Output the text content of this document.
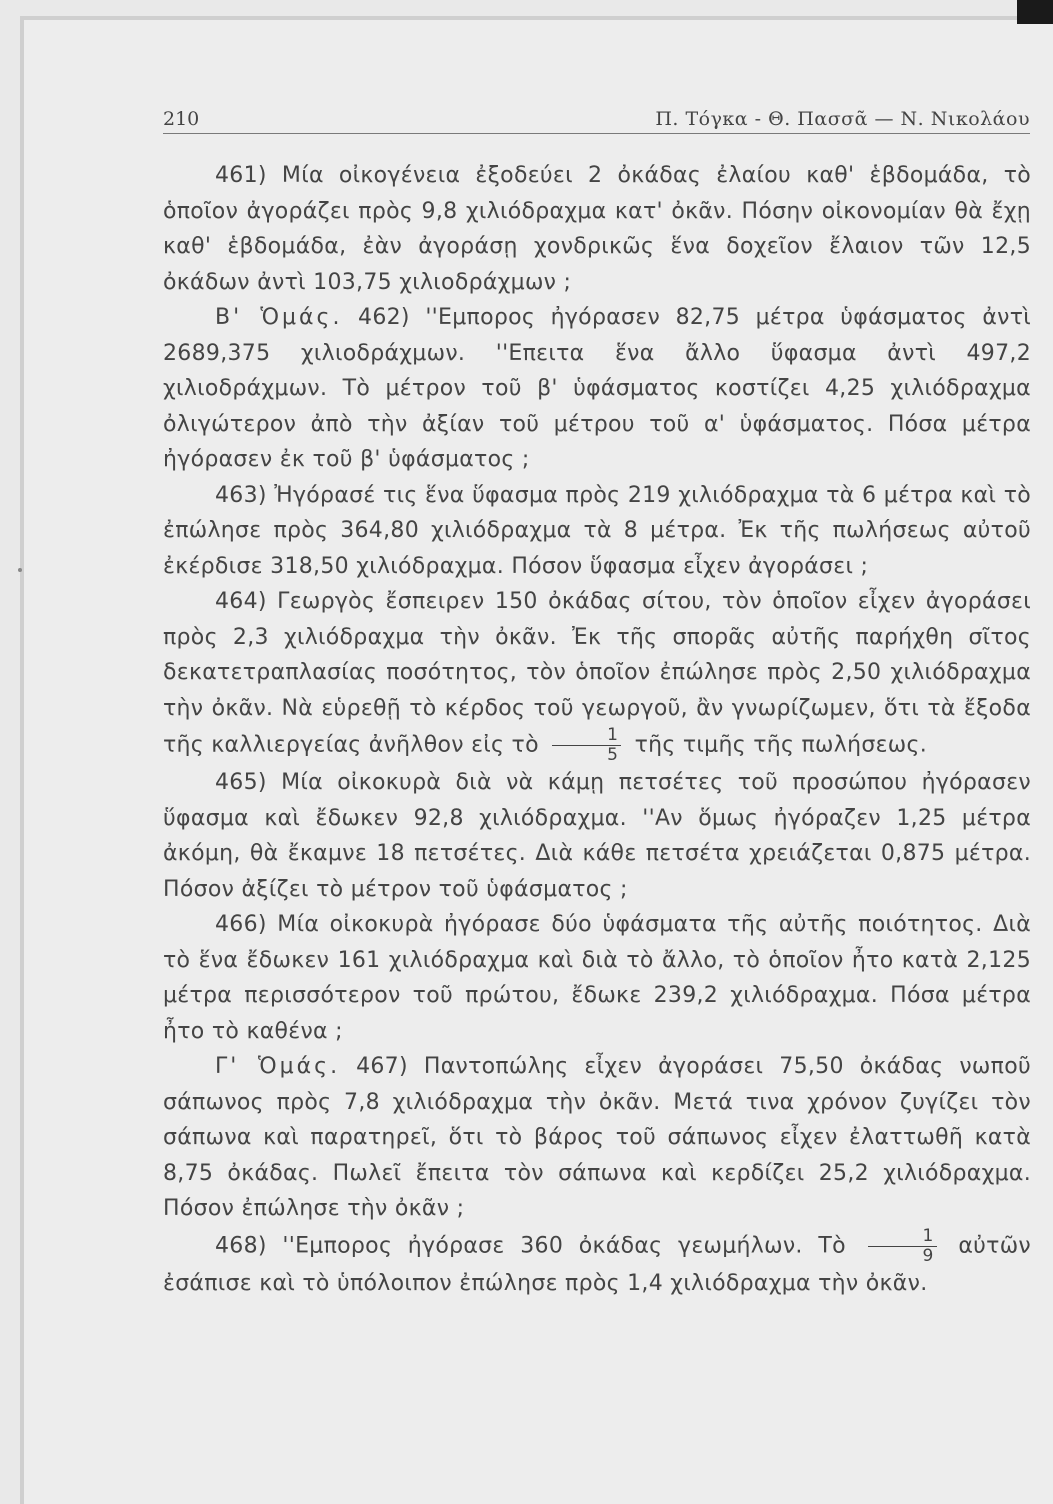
210	Π. Τόγκα - Θ. Πασσᾶ — Ν. Νικολάου

461) Μία οἰκογένεια ἐξοδεύει 2 ὀκάδας ἐλαίου καθ' ἑβδομάδα, τὸ ὁποῖον ἀγοράζει πρὸς 9,8 χιλιόδραχμα κατ' ὀκᾶν. Πόσην οἰκονομίαν θὰ ἔχῃ καθ' ἑβδομάδα, ἐὰν ἀγοράσῃ χονδρικῶς ἕνα δοχεῖον ἔλαιον τῶν 12,5 ὀκάδων ἀντὶ 103,75 χιλιοδράχμων ;

Β' Ὁμάς. 462) ''Εμπορος ἠγόρασεν 82,75 μέτρα ὑφάσματος ἀντὶ 2689,375 χιλιοδράχμων. ''Επειτα ἕνα ἄλλο ὕφασμα ἀντὶ 497,2 χιλιοδράχμων. Τὸ μέτρον τοῦ β' ὑφάσματος κοστίζει 4,25 χιλιόδραχμα ὀλιγώτερον ἀπὸ τὴν ἀξίαν τοῦ μέτρου τοῦ α' ὑφάσματος. Πόσα μέτρα ἠγόρασεν ἐκ τοῦ β' ὑφάσματος ;

463) Ἠγόρασέ τις ἕνα ὕφασμα πρὸς 219 χιλιόδραχμα τὰ 6 μέτρα καὶ τὸ ἐπώλησε πρὸς 364,80 χιλιόδραχμα τὰ 8 μέτρα. Ἐκ τῆς πωλήσεως αὐτοῦ ἐκέρδισε 318,50 χιλιόδραχμα. Πόσον ὕφασμα εἶχεν ἀγοράσει ;

464) Γεωργὸς ἔσπειρεν 150 ὀκάδας σίτου, τὸν ὁποῖον εἶχεν ἀγοράσει πρὸς 2,3 χιλιόδραχμα τὴν ὀκᾶν. Ἐκ τῆς σπορᾶς αὐτῆς παρήχθη σῖτος δεκατετραπλασίας ποσότητος, τὸν ὁποῖον ἐπώλησε πρὸς 2,50 χιλιόδραχμα τὴν ὀκᾶν. Νὰ εὑρεθῇ τὸ κέρδος τοῦ γεωργοῦ, ἂν γνωρίζωμεν, ὅτι τὰ ἔξοδα τῆς καλλιεργείας ἀνῆλθον εἰς τὸ $\frac{1}{5}$ τῆς τιμῆς τῆς πωλήσεως.

465) Μία οἰκοκυρὰ διὰ νὰ κάμῃ πετσέτες τοῦ προσώπου ἠγόρασεν ὕφασμα καὶ ἔδωκεν 92,8 χιλιόδραχμα. ''Αν ὅμως ἠγόραζεν 1,25 μέτρα ἀκόμη, θὰ ἔκαμνε 18 πετσέτες. Διὰ κάθε πετσέτα χρειάζεται 0,875 μέτρα. Πόσον ἀξίζει τὸ μέτρον τοῦ ὑφάσματος ;

466) Μία οἰκοκυρὰ ἠγόρασε δύο ὑφάσματα τῆς αὐτῆς ποιότητος. Διὰ τὸ ἕνα ἔδωκεν 161 χιλιόδραχμα καὶ διὰ τὸ ἄλλο, τὸ ὁποῖον ἦτο κατὰ 2,125 μέτρα περισσότερον τοῦ πρώτου, ἔδωκε 239,2 χιλιόδραχμα. Πόσα μέτρα ἦτο τὸ καθένα ;

Γ' Ὁμάς. 467) Παντοπώλης εἶχεν ἀγοράσει 75,50 ὀκάδας νωποῦ σάπωνος πρὸς 7,8 χιλιόδραχμα τὴν ὀκᾶν. Μετά τινα χρόνον ζυγίζει τὸν σάπωνα καὶ παρατηρεῖ, ὅτι τὸ βάρος τοῦ σάπωνος εἶχεν ἐλαττωθῆ κατὰ 8,75 ὀκάδας. Πωλεῖ ἔπειτα τὸν σάπωνα καὶ κερδίζει 25,2 χιλιόδραχμα. Πόσον ἐπώλησε τὴν ὀκᾶν ;

468) ''Εμπορος ἠγόρασε 360 ὀκάδας γεωμήλων. Τὸ $\frac{1}{9}$ αὐτῶν ἐσάπισε καὶ τὸ ὑπόλοιπον ἐπώλησε πρὸς 1,4 χιλιόδραχμα τὴν ὀκᾶν.
